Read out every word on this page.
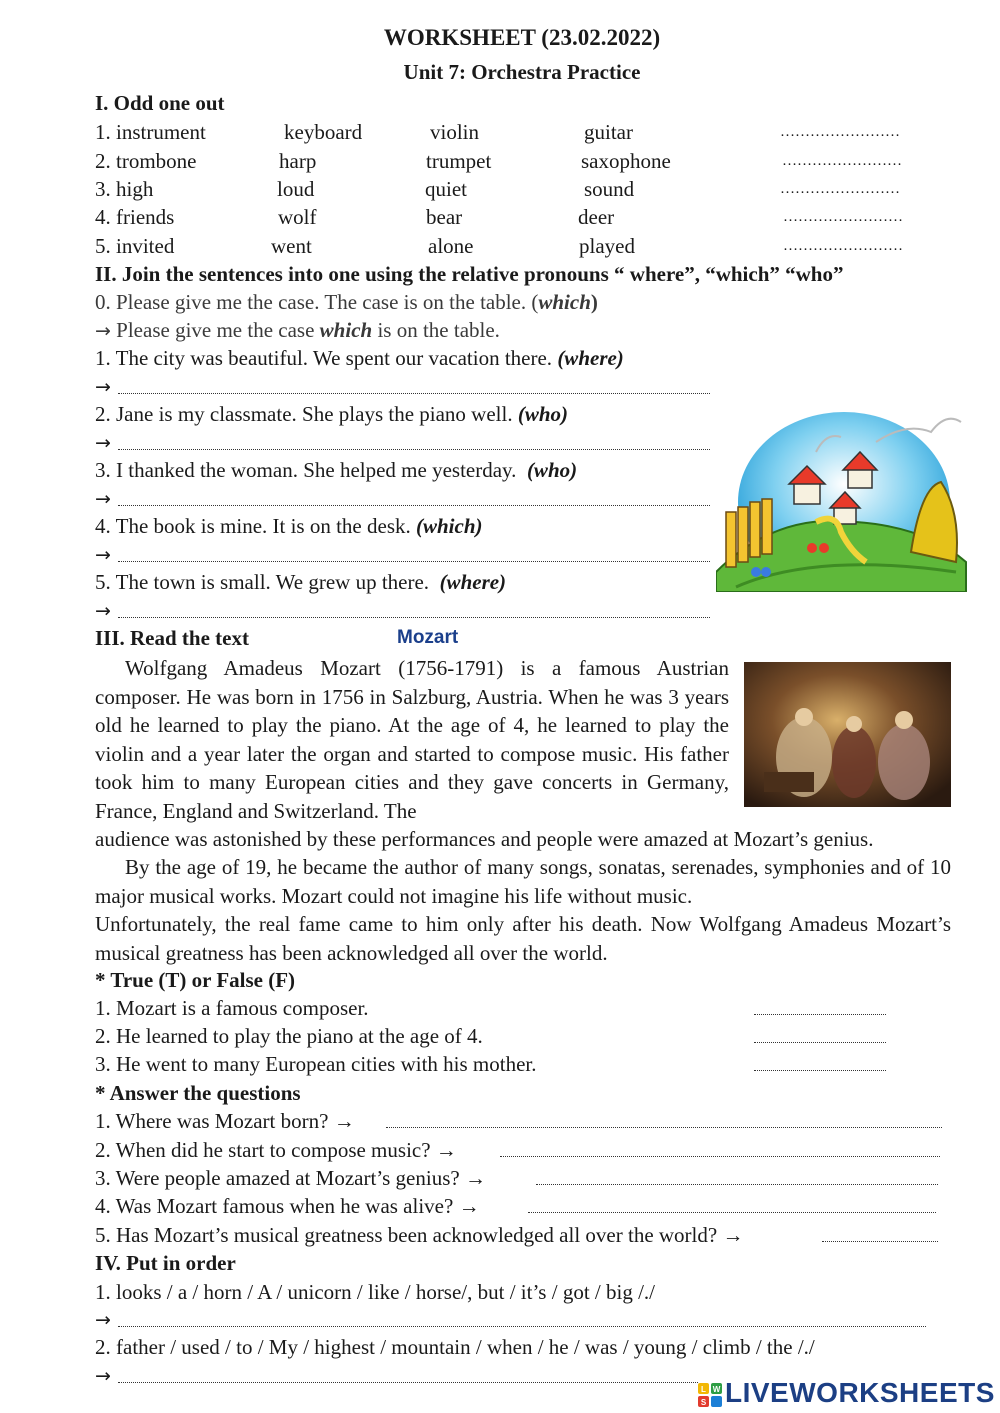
WORKSHEET (23.02.2022)
Unit 7: Orchestra Practice
I. Odd one out
1. instrument	keyboard	violin	guitar	……………………
2. trombone	harp	trumpet	saxophone	……………………
3. high	loud	quiet	sound	……………………
4. friends	wolf	bear	deer	……………………
5. invited	went	alone	played	……………………
II. Join the sentences into one using the relative pronouns “ where”, “which” “who”
0. Please give me the case. The case is on the table. (which)
→ Please give me the case which is on the table.
1. The city was beautiful. We spent our vacation there. (where)
→
2. Jane is my classmate. She plays the piano well. (who)
→
3. I thanked the woman. She helped me yesterday. (who)
→
4. The book is mine. It is on the desk. (which)
→
5. The town is small. We grew up there. (where)
→
III. Read the text	Mozart
Wolfgang Amadeus Mozart (1756-1791) is a famous Austrian composer. He was born in 1756 in Salzburg, Austria. When he was 3 years old he learned to play the piano. At the age of 4, he learned to play the violin and a year later the organ and started to compose music. His father took him to many European cities and they gave concerts in Germany, France, England and Switzerland. The
audience was astonished by these performances and people were amazed at Mozart’s genius.
By the age of 19, he became the author of many songs, sonatas, serenades, symphonies and of 10 major musical works. Mozart could not imagine his life without music.
Unfortunately, the real fame came to him only after his death. Now Wolfgang Amadeus Mozart’s musical greatness has been acknowledged all over the world.
* True (T) or False (F)
1. Mozart is a famous composer.
2. He learned to play the piano at the age of 4.
3. He went to many European cities with his mother.
* Answer the questions
1. Where was Mozart born? →
2. When did he start to compose music? →
3. Were people amazed at Mozart’s genius? →
4. Was Mozart famous when he was alive? →
5. Has Mozart’s musical greatness been acknowledged all over the world? →
IV. Put in order
1. looks / a / horn / A / unicorn / like / horse/, but / it’s / got / big /./
→
2. father / used / to / My / highest / mountain / when / he / was / young / climb / the /./
→
L W
S LIVEWORKSHEETS
